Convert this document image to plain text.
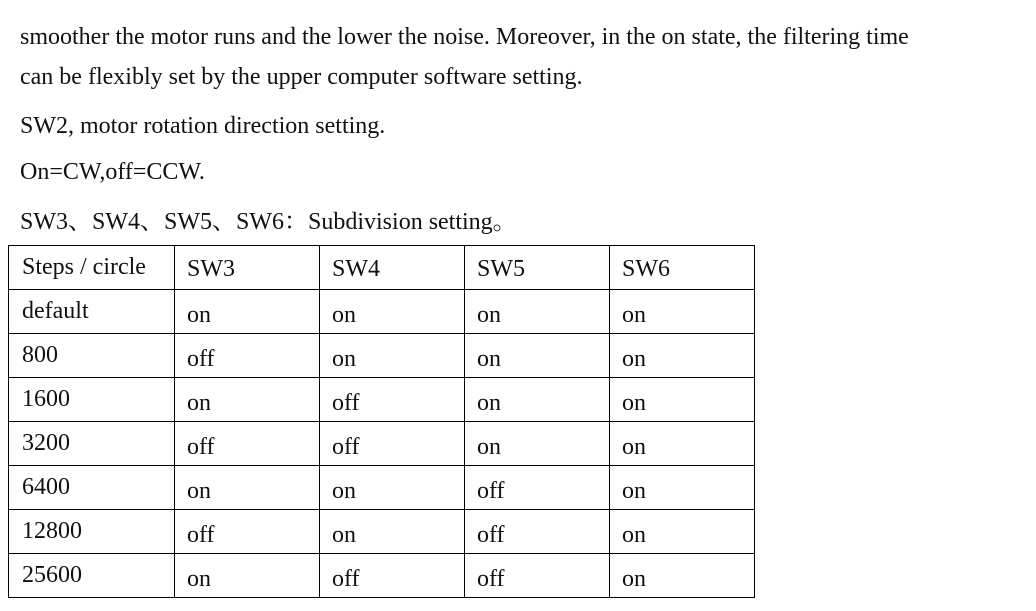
smoother the motor runs and the lower the noise. Moreover, in the on state, the filtering time

can be flexibly set by the upper computer software setting.

SW2, motor rotation direction setting.

On=CW,off=CCW.

SW3、SW4、SW5、SW6：Subdivision setting。

Steps / circle	SW3	SW4	SW5	SW6
default	on	on	on	on
800	off	on	on	on
1600	on	off	on	on
3200	off	off	on	on
6400	on	on	off	on
12800	off	on	off	on
25600	on	off	off	on
